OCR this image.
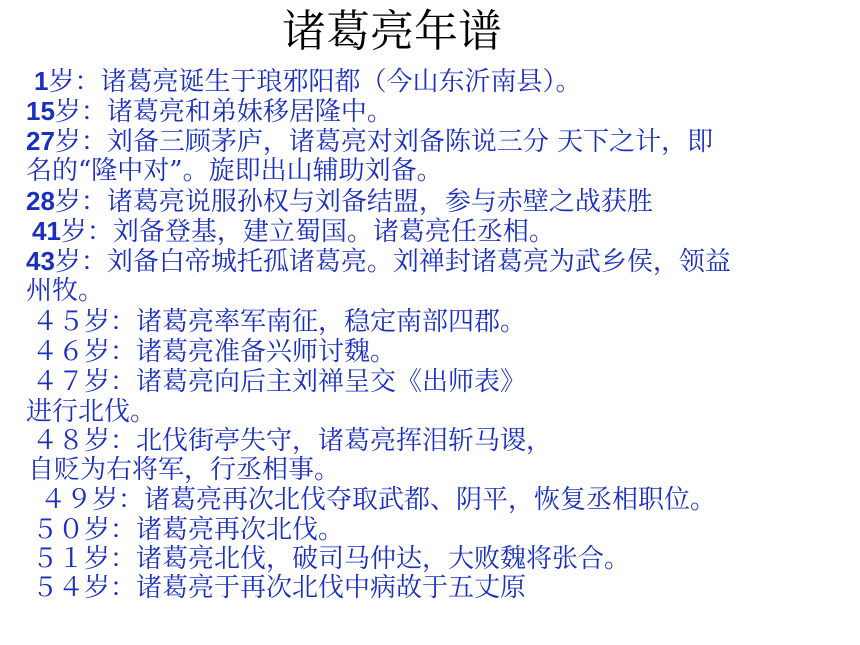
诸葛亮年谱
1岁：诸葛亮诞生于琅邪阳都（今山东沂南县）。
15岁：诸葛亮和弟妹移居隆中。
27岁：刘备三顾茅庐，诸葛亮对刘备陈说三分 天下之计，即
名的“隆中对”。旋即出山辅助刘备。
28岁：诸葛亮说服孙权与刘备结盟，参与赤壁之战获胜
41岁：刘备登基，建立蜀国。诸葛亮任丞相。
43岁：刘备白帝城托孤诸葛亮。刘禅封诸葛亮为武乡侯，领益
州牧。
４５岁：诸葛亮率军南征，稳定南部四郡。
４６岁：诸葛亮准备兴师讨魏。
４７岁：诸葛亮向后主刘禅呈交《出师表》
进行北伐。
４８岁：北伐街亭失守，诸葛亮挥泪斩马谡，
自贬为右将军，行丞相事。
４９岁：诸葛亮再次北伐夺取武都、阴平，恢复丞相职位。
５０岁：诸葛亮再次北伐。
５１岁：诸葛亮北伐，破司马仲达，大败魏将张合。
５４岁：诸葛亮于再次北伐中病故于五丈原
